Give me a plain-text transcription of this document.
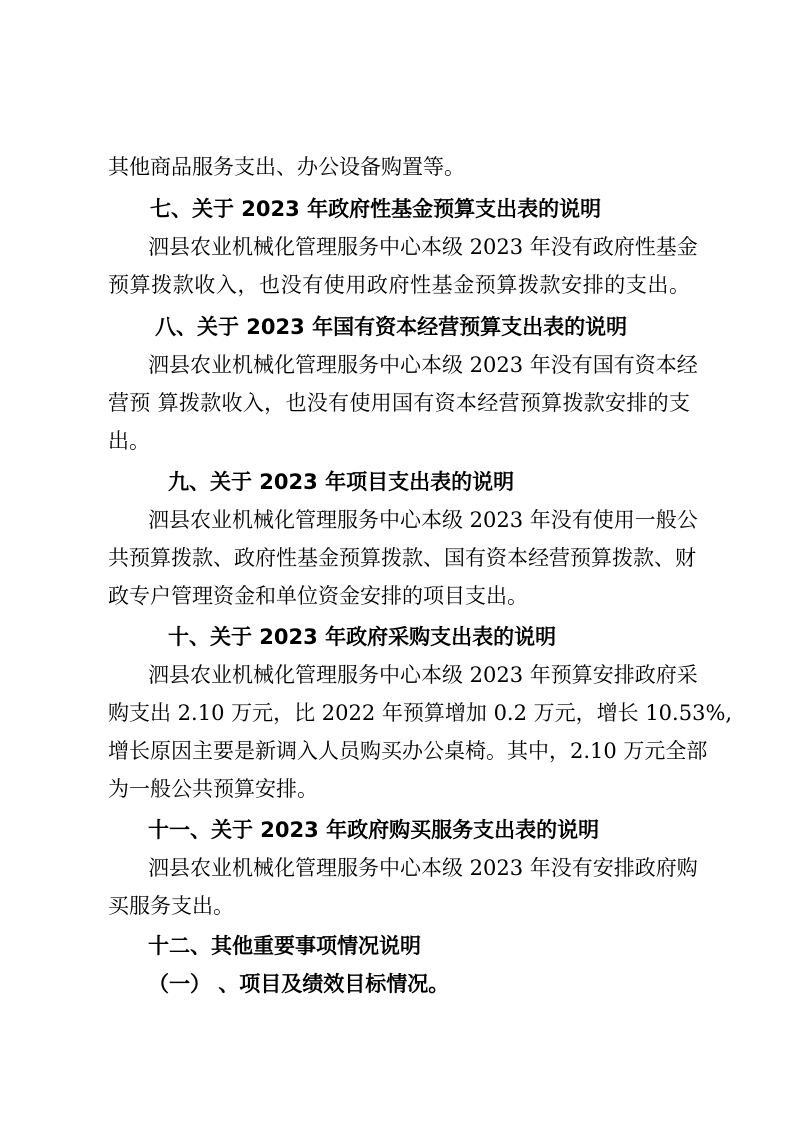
其他商品服务支出、办公设备购置等。
七、关于 2023 年政府性基金预算支出表的说明
泗县农业机械化管理服务中心本级 2023 年没有政府性基金
预算拨款收入，也没有使用政府性基金预算拨款安排的支出。
八、关于 2023 年国有资本经营预算支出表的说明
泗县农业机械化管理服务中心本级 2023 年没有国有资本经
营预 算拨款收入，也没有使用国有资本经营预算拨款安排的支
出。
九、关于 2023 年项目支出表的说明
泗县农业机械化管理服务中心本级 2023 年没有使用一般公
共预算拨款、政府性基金预算拨款、国有资本经营预算拨款、财
政专户管理资金和单位资金安排的项目支出。
十、关于 2023 年政府采购支出表的说明
泗县农业机械化管理服务中心本级 2023 年预算安排政府采
购支出 2.10 万元，比 2022 年预算增加 0.2 万元，增长 10.53%,
增长原因主要是新调入人员购买办公桌椅。其中，2.10 万元全部
为一般公共预算安排。
十一、关于 2023 年政府购买服务支出表的说明
泗县农业机械化管理服务中心本级 2023 年没有安排政府购
买服务支出。
十二、其他重要事项情况说明
（一） 、项目及绩效目标情况。
